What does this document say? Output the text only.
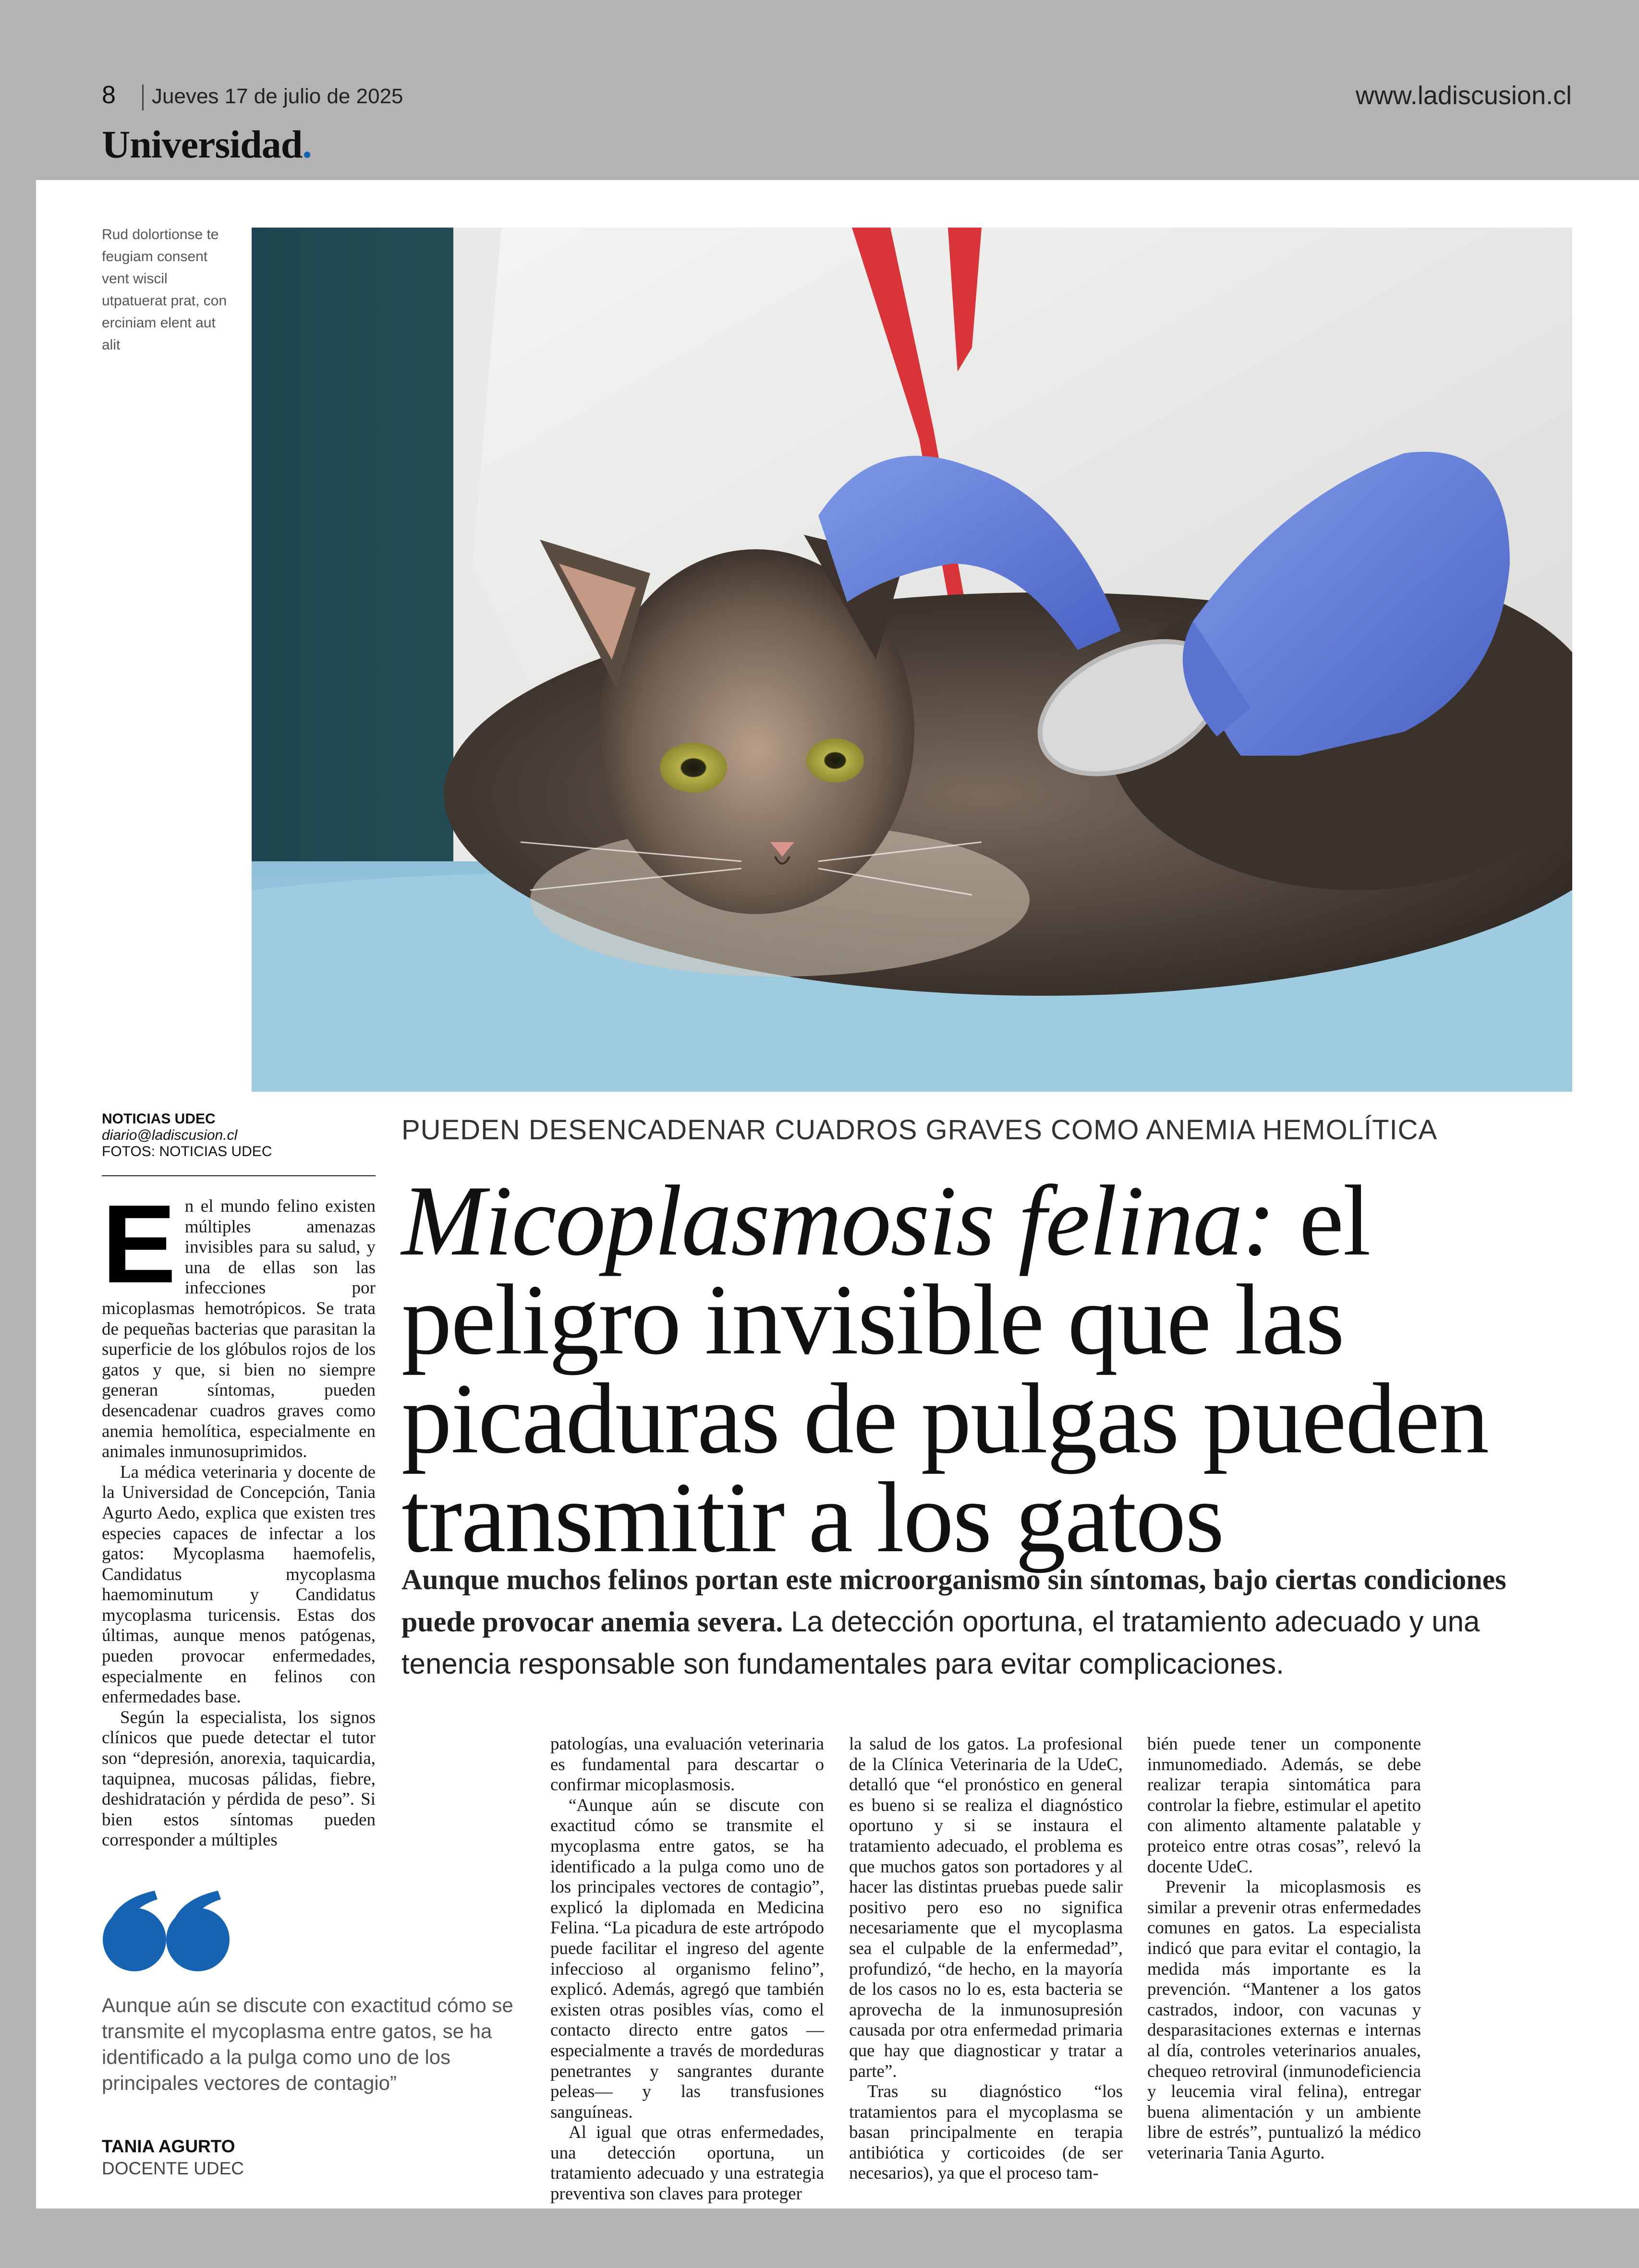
8 Jueves 17 de julio de 2025	www.ladiscusion.cl
Universidad.
Rud dolortionse te feugiam consent vent wiscil utpatuerat prat, con erciniam elent aut alit
NOTICIAS UDEC
diario@ladiscusion.cl
FOTOS: NOTICIAS UDEC
PUEDEN DESENCADENAR CUADROS GRAVES COMO ANEMIA HEMOLÍTICA
Micoplasmosis felina: el peligro invisible que las picaduras de pulgas pueden transmitir a los gatos
Aunque muchos felinos portan este microorganismo sin síntomas, bajo ciertas condiciones puede provocar anemia severa. La detección oportuna, el tratamiento adecuado y una tenencia responsable son fundamentales para evitar complicaciones.

En el mundo felino existen múltiples amenazas invisibles para su salud, y una de ellas son las infecciones por micoplasmas hemotrópicos. Se trata de pequeñas bacterias que parasitan la superficie de los glóbulos rojos de los gatos y que, si bien no siempre generan síntomas, pueden desencadenar cuadros graves como anemia hemolítica, especialmente en animales inmunosuprimidos.

La médica veterinaria y docente de la Universidad de Concepción, Tania Agurto Aedo, explica que existen tres especies capaces de infectar a los gatos: Mycoplasma haemofelis, Candidatus mycoplasma haemominutum y Candidatus mycoplasma turicensis. Estas dos últimas, aunque menos patógenas, pueden provocar enfermedades, especialmente en felinos con enfermedades base.

Según la especialista, los signos clínicos que puede detectar el tutor son “depresión, anorexia, taquicardia, taquipnea, mucosas pálidas, fiebre, deshidratación y pérdida de peso”. Si bien estos síntomas pueden corresponder a múltiples

Aunque aún se discute con exactitud cómo se transmite el mycoplasma entre gatos, se ha identificado a la pulga como uno de los principales vectores de contagio”
TANIA AGURTO
DOCENTE UDEC

patologías, una evaluación veterinaria es fundamental para descartar o confirmar micoplasmosis.

“Aunque aún se discute con exactitud cómo se transmite el mycoplasma entre gatos, se ha identificado a la pulga como uno de los principales vectores de contagio”, explicó la diplomada en Medicina Felina. “La picadura de este artrópodo puede facilitar el ingreso del agente infeccioso al organismo felino”, explicó. Además, agregó que también existen otras posibles vías, como el contacto directo entre gatos —especialmente a través de mordeduras penetrantes y sangrantes durante peleas— y las transfusiones sanguíneas.

Al igual que otras enfermedades, una detección oportuna, un tratamiento adecuado y una estrategia preventiva son claves para proteger

la salud de los gatos. La profesional de la Clínica Veterinaria de la UdeC, detalló que “el pronóstico en general es bueno si se realiza el diagnóstico oportuno y si se instaura el tratamiento adecuado, el problema es que muchos gatos son portadores y al hacer las distintas pruebas puede salir positivo pero eso no significa necesariamente que el mycoplasma sea el culpable de la enfermedad”, profundizó, “de hecho, en la mayoría de los casos no lo es, esta bacteria se aprovecha de la inmunosupresión causada por otra enfermedad primaria que hay que diagnosticar y tratar a parte”.

Tras su diagnóstico “los tratamientos para el mycoplasma se basan principalmente en terapia antibiótica y corticoides (de ser necesarios), ya que el proceso tam-

bién puede tener un componente inmunomediado. Además, se debe realizar terapia sintomática para controlar la fiebre, estimular el apetito con alimento altamente palatable y proteico entre otras cosas”, relevó la docente UdeC.

Prevenir la micoplasmosis es similar a prevenir otras enfermedades comunes en gatos. La especialista indicó que para evitar el contagio, la medida más importante es la prevención. “Mantener a los gatos castrados, indoor, con vacunas y desparasitaciones externas e internas al día, controles veterinarios anuales, chequeo retroviral (inmunodeficiencia y leucemia viral felina), entregar buena alimentación y un ambiente libre de estrés”, puntualizó la médico veterinaria Tania Agurto.
